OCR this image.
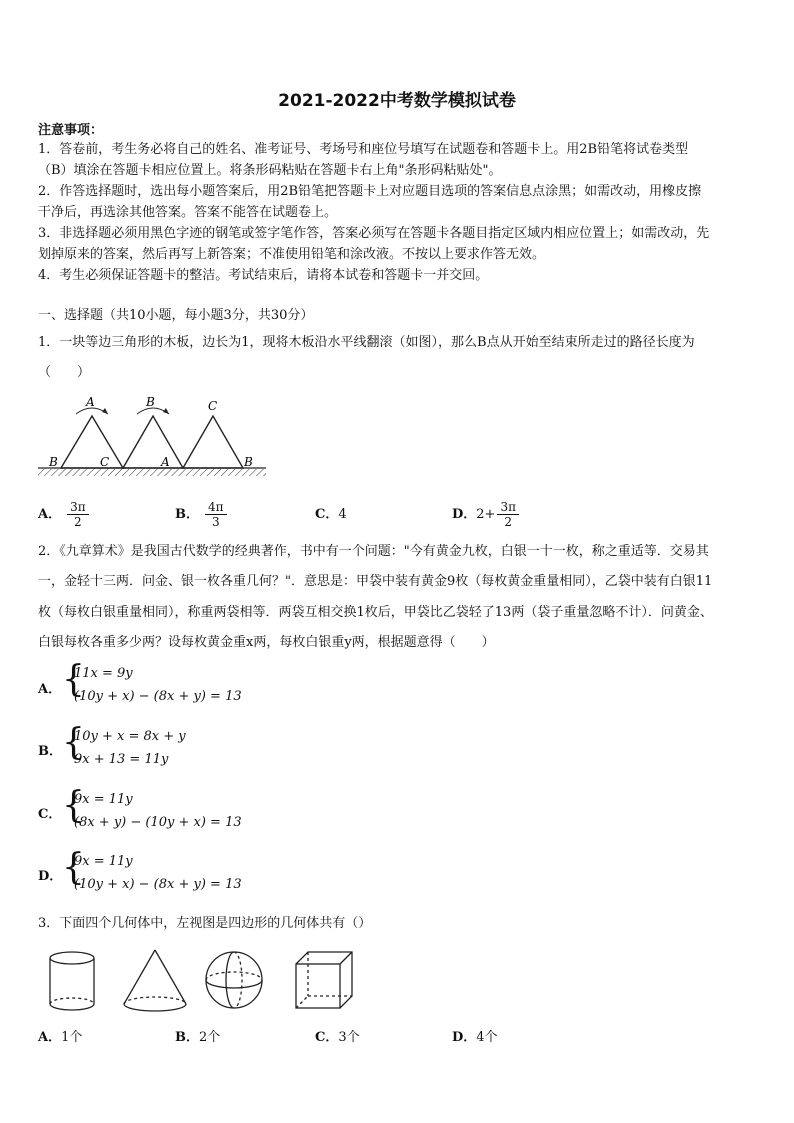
2021-2022中考数学模拟试卷
注意事项：
1．答卷前，考生务必将自己的姓名、准考证号、考场号和座位号填写在试题卷和答题卡上。用2B铅笔将试卷类型
（B）填涂在答题卡相应位置上。将条形码粘贴在答题卡右上角"条形码粘贴处"。
2．作答选择题时，选出每小题答案后，用2B铅笔把答题卡上对应题目选项的答案信息点涂黑；如需改动，用橡皮擦
干净后，再选涂其他答案。答案不能答在试题卷上。
3．非选择题必须用黑色字迹的钢笔或签字笔作答，答案必须写在答题卡各题目指定区域内相应位置上；如需改动，先
划掉原来的答案，然后再写上新答案；不准使用铅笔和涂改液。不按以上要求作答无效。
4．考生必须保证答题卡的整洁。考试结束后，请将本试卷和答题卡一并交回。
一、选择题（共10小题，每小题3分，共30分）
1．一块等边三角形的木板，边长为1，现将木板沿水平线翻滚（如图），那么B点从开始至结束所走过的路径长度为
（　　）
A	B	C
B	C	A	B
A． $\frac{3\pi}{2}$	B． $\frac{4\pi}{3}$	C．4	D．$2+ \frac{3\pi}{2}$
2．《九章算术》是我国古代数学的经典著作，书中有一个问题："今有黄金九枚，白银一十一枚，称之重适等．交易其
一，金轻十三两．问金、银一枚各重几何？"．意思是：甲袋中装有黄金9枚（每枚黄金重量相同），乙袋中装有白银11
枚（每枚白银重量相同），称重两袋相等．两袋互相交换1枚后，甲袋比乙袋轻了13两（袋子重量忽略不计）．问黄金、
白银每枚各重多少两？设每枚黄金重x两，每枚白银重y两，根据题意得（　　）
A． {
11x = 9y
(10y + x) − (8x + y) = 13
B． {
10y + x = 8x + y
9x + 13 = 11y
C． {
9x = 11y
(8x + y) − (10y + x) = 13
D． {
9x = 11y
(10y + x) − (8x + y) = 13
3．下面四个几何体中，左视图是四边形的几何体共有（）
A．1个	B．2个	C．3个	D．4个
